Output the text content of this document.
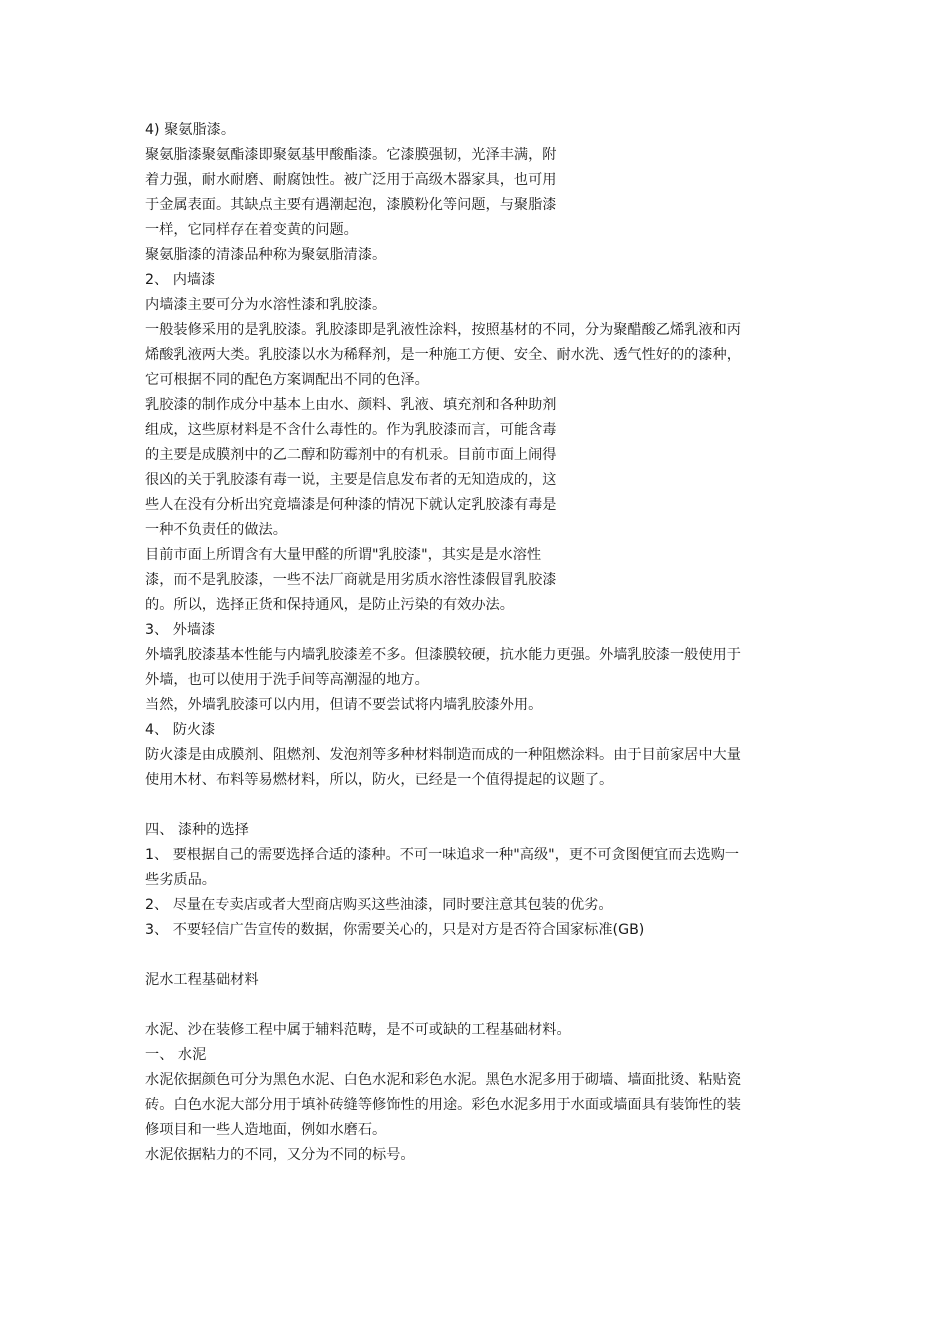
4) 聚氨脂漆。
聚氨脂漆聚氨酯漆即聚氨基甲酸酯漆。它漆膜强韧，光泽丰满，附
着力强，耐水耐磨、耐腐蚀性。被广泛用于高级木器家具，也可用
于金属表面。其缺点主要有遇潮起泡，漆膜粉化等问题，与聚脂漆
一样，它同样存在着变黄的问题。
聚氨脂漆的清漆品种称为聚氨脂清漆。
2、 内墙漆
内墙漆主要可分为水溶性漆和乳胶漆。
一般装修采用的是乳胶漆。乳胶漆即是乳液性涂料，按照基材的不同，分为聚醋酸乙烯乳液和丙
烯酸乳液两大类。乳胶漆以水为稀释剂，是一种施工方便、安全、耐水洗、透气性好的的漆种，
它可根据不同的配色方案调配出不同的色泽。
乳胶漆的制作成分中基本上由水、颜料、乳液、填充剂和各种助剂
组成，这些原材料是不含什么毒性的。作为乳胶漆而言，可能含毒
的主要是成膜剂中的乙二醇和防霉剂中的有机汞。目前市面上闹得
很凶的关于乳胶漆有毒一说，主要是信息发布者的无知造成的，这
些人在没有分析出究竟墙漆是何种漆的情况下就认定乳胶漆有毒是
一种不负责任的做法。
目前市面上所谓含有大量甲醛的所谓"乳胶漆"，其实是是水溶性
漆，而不是乳胶漆，一些不法厂商就是用劣质水溶性漆假冒乳胶漆
的。所以，选择正货和保持通风，是防止污染的有效办法。
3、 外墙漆
外墙乳胶漆基本性能与内墙乳胶漆差不多。但漆膜较硬，抗水能力更强。外墙乳胶漆一般使用于
外墙，也可以使用于洗手间等高潮湿的地方。
当然，外墙乳胶漆可以内用，但请不要尝试将内墙乳胶漆外用。
4、 防火漆
防火漆是由成膜剂、阻燃剂、发泡剂等多种材料制造而成的一种阻燃涂料。由于目前家居中大量
使用木材、布料等易燃材料，所以，防火，已经是一个值得提起的议题了。
四、 漆种的选择
1、 要根据自己的需要选择合适的漆种。不可一味追求一种"高级"，更不可贪图便宜而去选购一
些劣质品。
2、 尽量在专卖店或者大型商店购买这些油漆，同时要注意其包装的优劣。
3、 不要轻信广告宣传的数据，你需要关心的，只是对方是否符合国家标准(GB)
泥水工程基础材料
水泥、沙在装修工程中属于辅料范畴，是不可或缺的工程基础材料。
一、 水泥
水泥依据颜色可分为黑色水泥、白色水泥和彩色水泥。黑色水泥多用于砌墙、墙面批烫、粘贴瓷
砖。白色水泥大部分用于填补砖缝等修饰性的用途。彩色水泥多用于水面或墙面具有装饰性的装
修项目和一些人造地面，例如水磨石。
水泥依据粘力的不同，又分为不同的标号。
